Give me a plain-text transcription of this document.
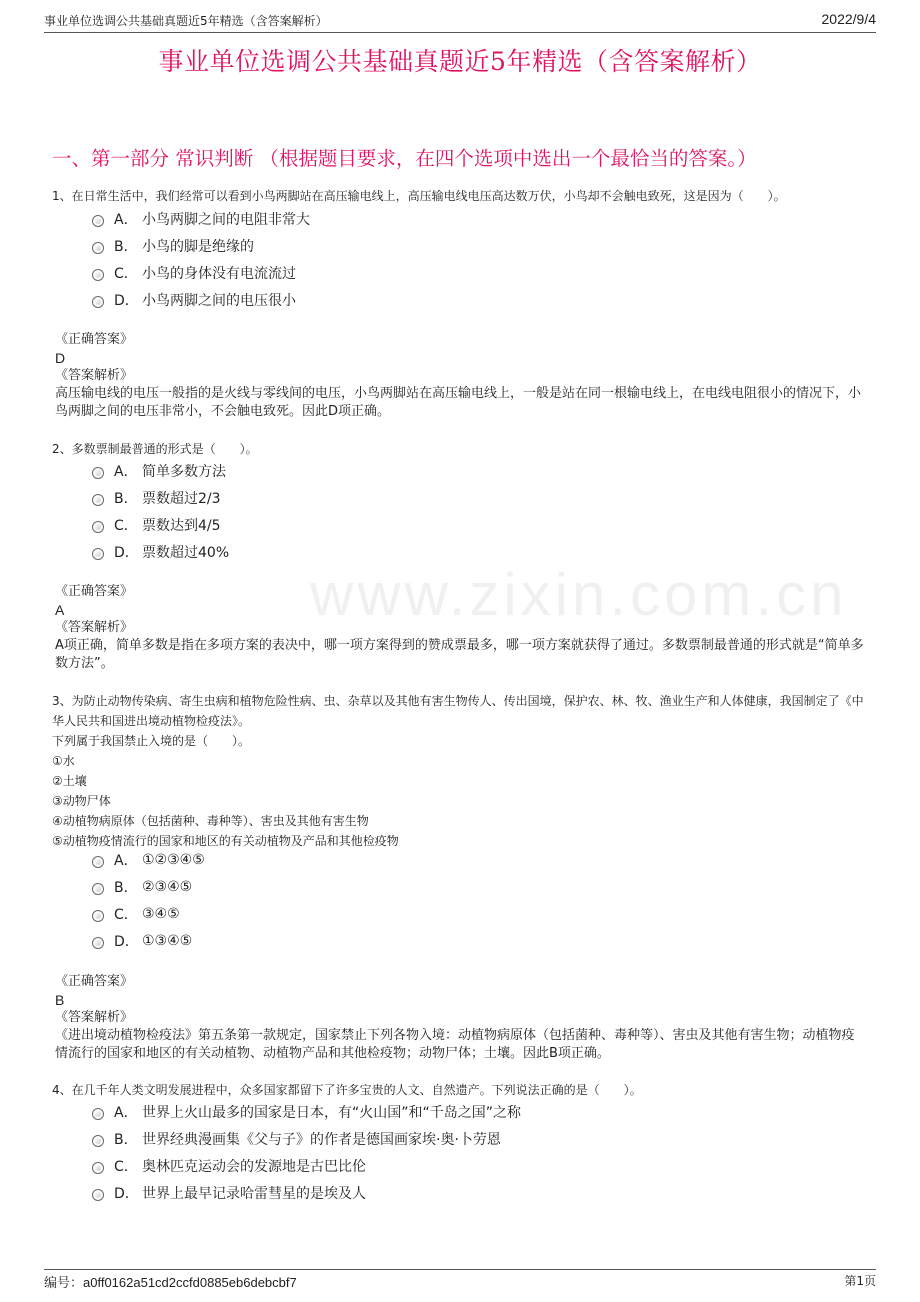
事业单位选调公共基础真题近5年精选（含答案解析）	2022/9/4
事业单位选调公共基础真题近5年精选（含答案解析）
一、第一部分 常识判断 （根据题目要求，在四个选项中选出一个最恰当的答案。）
www.zixin.com.cn
1、在日常生活中，我们经常可以看到小鸟两脚站在高压输电线上，高压输电线电压高达数万伏，小鸟却不会触电致死，这是因为（　　）。
A． 小鸟两脚之间的电阻非常大
B． 小鸟的脚是绝缘的
C． 小鸟的身体没有电流流过
D． 小鸟两脚之间的电压很小
《正确答案》
D
《答案解析》
高压输电线的电压一般指的是火线与零线间的电压，小鸟两脚站在高压输电线上，一般是站在同一根输电线上，在电线电阻很小的情况下，小鸟两脚之间的电压非常小，不会触电致死。因此D项正确。
2、多数票制最普通的形式是（　　）。
A． 简单多数方法
B． 票数超过2/3
C． 票数达到4/5
D． 票数超过40%
《正确答案》
A
《答案解析》
A项正确，简单多数是指在多项方案的表决中，哪一项方案得到的赞成票最多，哪一项方案就获得了通过。多数票制最普通的形式就是“简单多数方法”。
3、为防止动物传染病、寄生虫病和植物危险性病、虫、杂草以及其他有害生物传人、传出国境，保护农、林、牧、渔业生产和人体健康，我国制定了《中华人民共和国进出境动植物检疫法》。
下列属于我国禁止入境的是（　　）。
①水
②土壤
③动物尸体
④动植物病原体（包括菌种、毒种等）、害虫及其他有害生物
⑤动植物疫情流行的国家和地区的有关动植物及产品和其他检疫物
A． ①②③④⑤
B． ②③④⑤
C． ③④⑤
D． ①③④⑤
《正确答案》
B
《答案解析》
《进出境动植物检疫法》第五条第一款规定，国家禁止下列各物入境：动植物病原体（包括菌种、毒种等）、害虫及其他有害生物；动植物疫情流行的国家和地区的有关动植物、动植物产品和其他检疫物；动物尸体；土壤。因此B项正确。
4、在几千年人类文明发展进程中，众多国家都留下了许多宝贵的人文、自然遗产。下列说法正确的是（　　）。
A． 世界上火山最多的国家是日本，有“火山国”和“千岛之国”之称
B． 世界经典漫画集《父与子》的作者是德国画家埃·奥·卜劳恩
C． 奥林匹克运动会的发源地是古巴比伦
D． 世界上最早记录哈雷彗星的是埃及人
编号：a0ff0162a51cd2ccfd0885eb6debcbf7	第1页
